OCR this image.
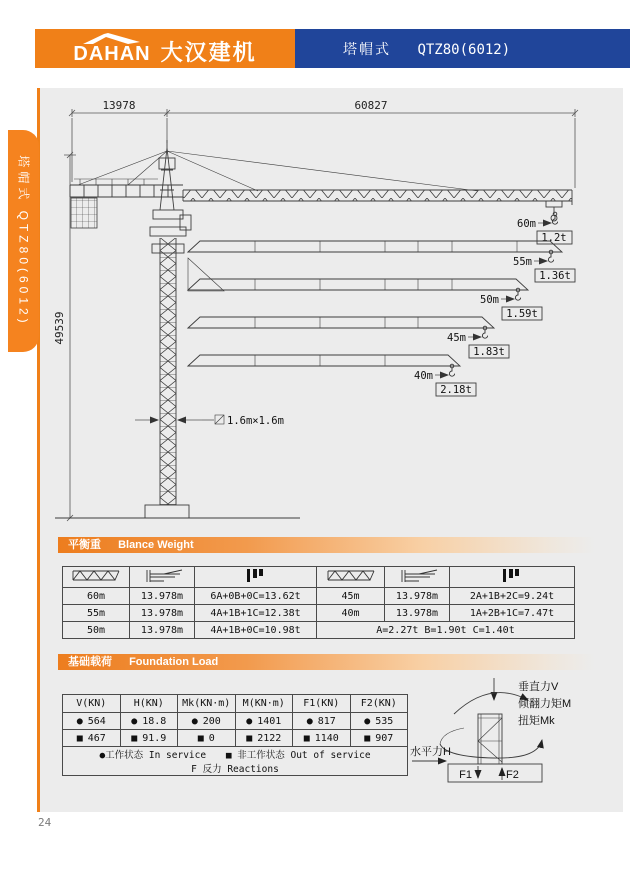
DAHAN 大汉建机	塔帽式 QTZ80(6012)
塔帽式 QTZ80(6012)
13978	60827
49539
1.6m×1.6m
60m
1.2t
55m
1.36t
50m
1.59t
45m
1.83t
40m
2.18t
平衡重 Blance Weight

60m	13.978m	6A+0B+0C=13.62t	45m	13.978m	2A+1B+2C=9.24t
55m	13.978m	4A+1B+1C=12.38t	40m	13.978m	1A+2B+1C=7.47t
50m	13.978m	4A+1B+0C=10.98t	A=2.27t B=1.90t C=1.40t		
基础载荷 Foundation Load
V(KN)	H(KN)	Mk(KN·m)	M(KN·m)	F1(KN)	F2(KN)
● 564	● 18.8	● 200	● 1401	● 817	● 535
■ 467	■ 91.9	■ 0	■ 2122	■ 1140	■ 907
●工作状态 In service ■ 非工作状态 Out of service F 反力 Reactions					
垂直力V
倾翻力矩M
扭矩Mk
水平力H
F1	F2
24
